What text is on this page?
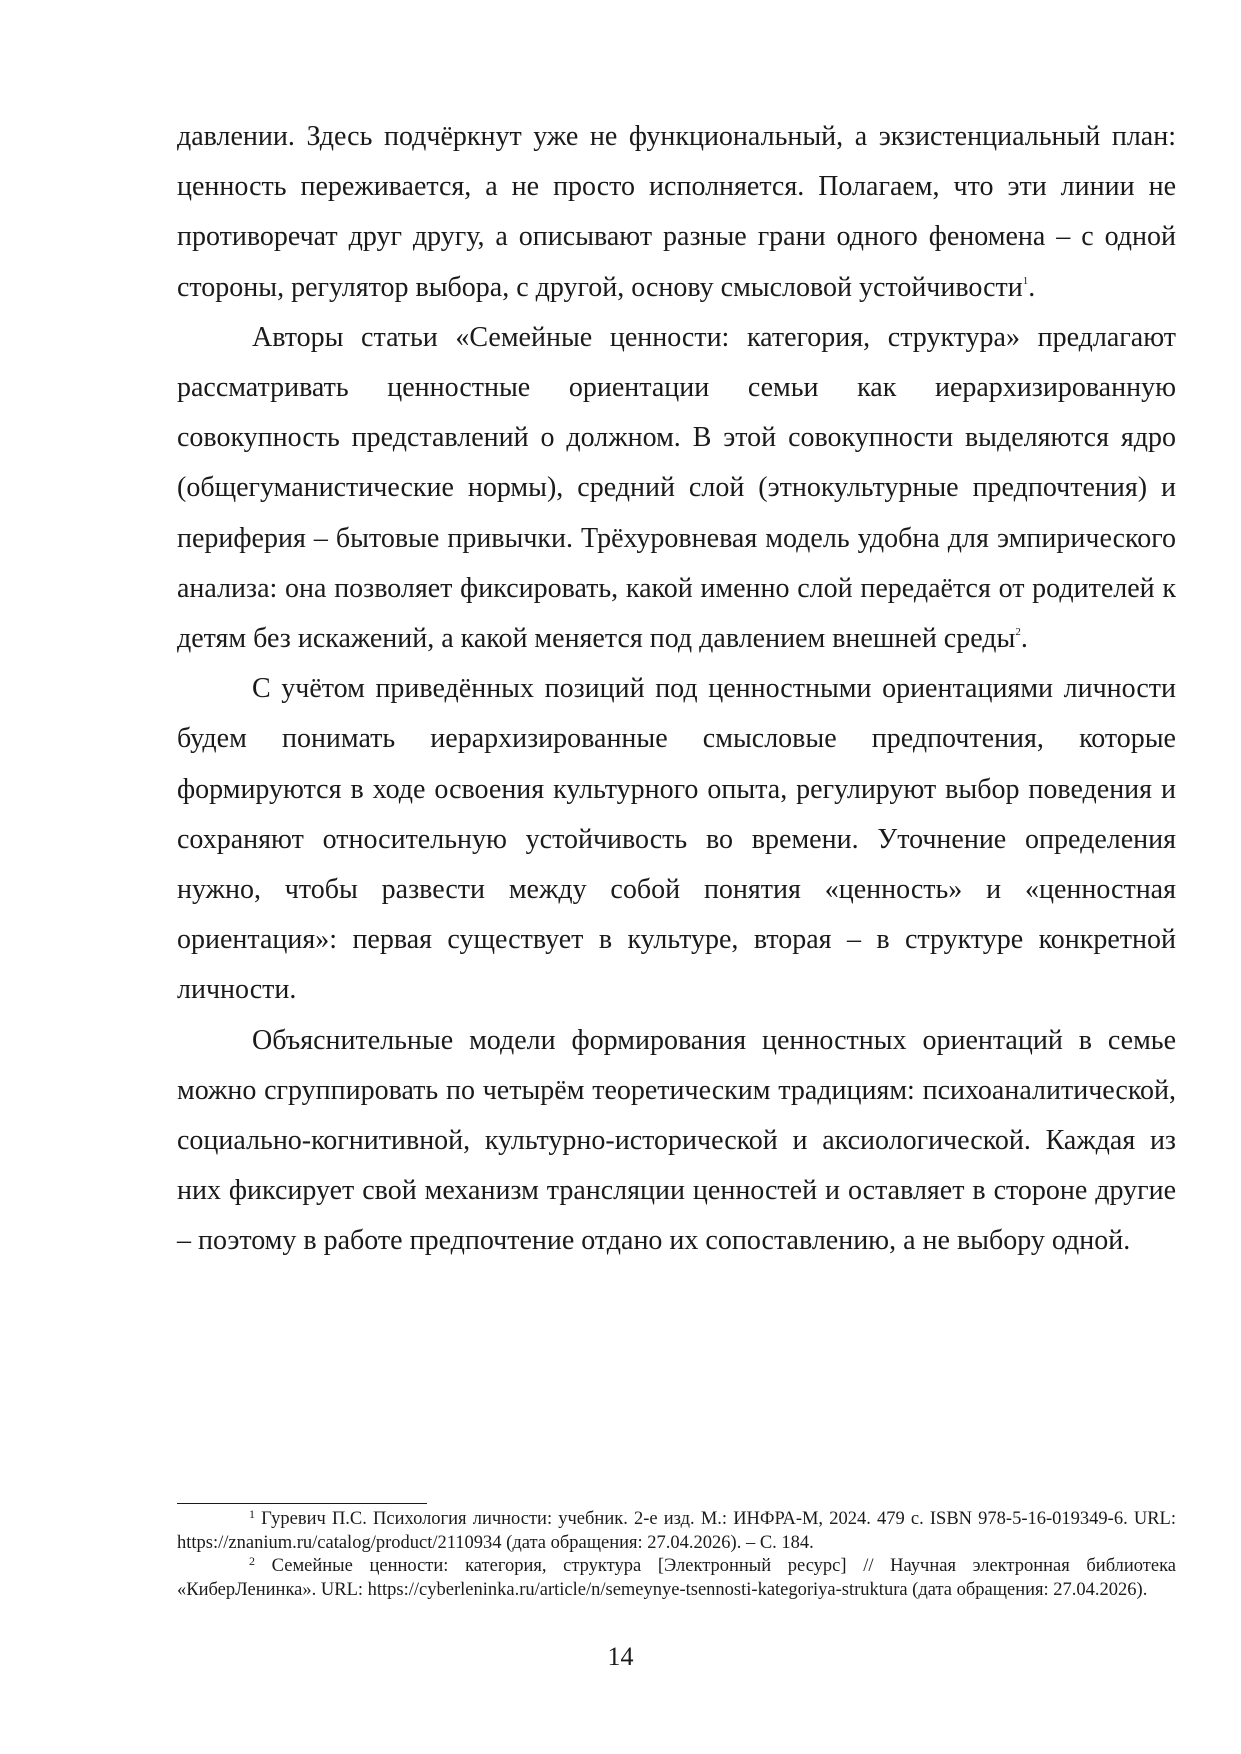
давлении. Здесь подчёркнут уже не функциональный, а экзистенциальный план: ценность переживается, а не просто исполняется. Полагаем, что эти линии не противоречат друг другу, а описывают разные грани одного феномена – с одной стороны, регулятор выбора, с другой, основу смысловой устойчивости$^1$.

Авторы статьи «Семейные ценности: категория, структура» предлагают рассматривать ценностные ориентации семьи как иерархизированную совокупность представлений о должном. В этой совокупности выделяются ядро (общегуманистические нормы), средний слой (этнокультурные предпочтения) и периферия – бытовые привычки. Трёхуровневая модель удобна для эмпирического анализа: она позволяет фиксировать, какой именно слой передаётся от родителей к детям без искажений, а какой меняется под давлением внешней среды$^2$.

С учётом приведённых позиций под ценностными ориентациями личности будем понимать иерархизированные смысловые предпочтения, которые формируются в ходе освоения культурного опыта, регулируют выбор поведения и сохраняют относительную устойчивость во времени. Уточнение определения нужно, чтобы развести между собой понятия «ценность» и «ценностная ориентация»: первая существует в культуре, вторая – в структуре конкретной личности.

Объяснительные модели формирования ценностных ориентаций в семье можно сгруппировать по четырём теоретическим традициям: психоаналитической, социально-когнитивной, культурно-исторической и аксиологической. Каждая из них фиксирует свой механизм трансляции ценностей и оставляет в стороне другие – поэтому в работе предпочтение отдано их сопоставлению, а не выбору одной.

$^1$ Гуревич П.С. Психология личности: учебник. 2-е изд. М.: ИНФРА-М, 2024. 479 с. ISBN 978-5-16-019349-6. URL: https://znanium.ru/catalog/product/2110934 (дата обращения: 27.04.2026). – С. 184.

$^2$ Семейные ценности: категория, структура [Электронный ресурс] // Научная электронная библиотека «КиберЛенинка». URL: https://cyberleninka.ru/article/n/semeynye-tsennosti-kategoriya-struktura (дата обращения: 27.04.2026).

14
